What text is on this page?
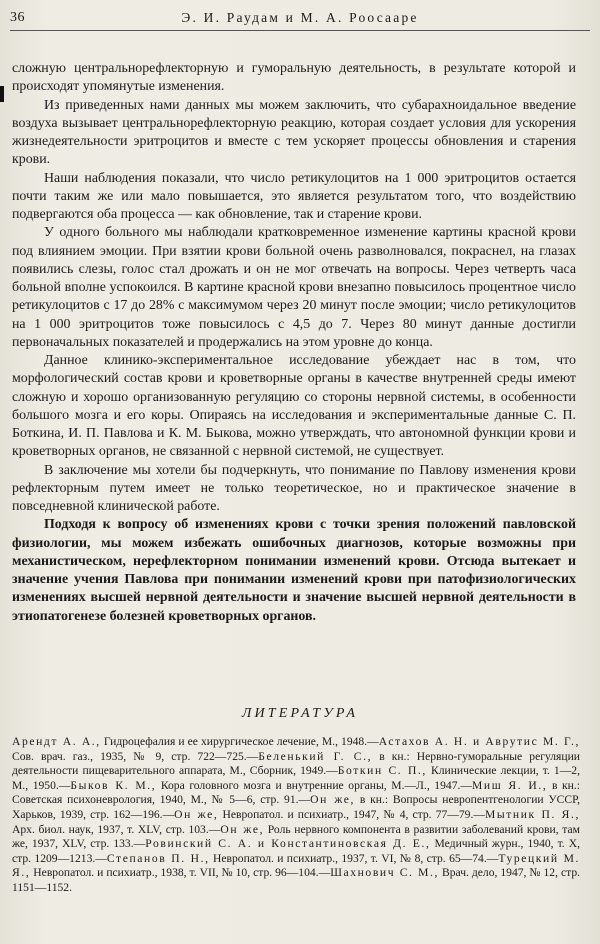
36	Э. И. Раудам и М. А. Роосааре

сложную центральнорефлекторную и гуморальную деятельность, в результате которой и происходят упомянутые изменения.

Из приведенных нами данных мы можем заключить, что субарахноидальное введение воздуха вызывает центральнорефлекторную реакцию, которая создает условия для ускорения жизнедеятельности эритроцитов и вместе с тем ускоряет процессы обновления и старения крови.

Наши наблюдения показали, что число ретикулоцитов на 1 000 эритроцитов остается почти таким же или мало повышается, это является результатом того, что воздействию подвергаются оба процесса — как обновление, так и старение крови.

У одного больного мы наблюдали кратковременное изменение картины красной крови под влиянием эмоции. При взятии крови больной очень разволновался, покраснел, на глазах появились слезы, голос стал дрожать и он не мог отвечать на вопросы. Через четверть часа больной вполне успокоился. В картине красной крови внезапно повысилось процентное число ретикулоцитов с 17 до 28% с максимумом через 20 минут после эмоции; число ретикулоцитов на 1 000 эритроцитов тоже повысилось с 4,5 до 7. Через 80 минут данные достигли первоначальных показателей и продержались на этом уровне до конца.

Данное клинико-экспериментальное исследование убеждает нас в том, что морфологический состав крови и кроветворные органы в качестве внутренней среды имеют сложную и хорошо организованную регуляцию со стороны нервной системы, в особенности большого мозга и его коры. Опираясь на исследования и экспериментальные данные С. П. Боткина, И. П. Павлова и К. М. Быкова, можно утверждать, что автономной функции крови и кроветворных органов, не связанной с нервной системой, не существует.

В заключение мы хотели бы подчеркнуть, что понимание по Павлову изменения крови рефлекторным путем имеет не только теоретическое, но и практическое значение в повседневной клинической работе.

Подходя к вопросу об изменениях крови с точки зрения положений павловской физиологии, мы можем избежать ошибочных диагнозов, которые возможны при механистическом, нерефлекторном понимании изменений крови. Отсюда вытекает и значение учения Павлова при понимании изменений крови при патофизиологических изменениях высшей нервной деятельности и значение высшей нервной деятельности в этиопатогенезе болезней кроветворных органов.

ЛИТЕРАТУРА
Арендт А. А., Гидроцефалия и ее хирургическое лечение, М., 1948.—Астахов А. Н. и Аврутис М. Г., Сов. врач. газ., 1935, № 9, стр. 722—725.—Беленький Г. С., в кн.: Нервно-гуморальные регуляции деятельности пищеварительного аппарата, М., Сборник, 1949.—Боткин С. П., Клинические лекции, т. 1—2, М., 1950.—Быков К. М., Кора головного мозга и внутренние органы, М.—Л., 1947.—Миш Я. И., в кн.: Советская психоневрология, 1940, М., № 5—6, стр. 91.—Он же, в кн.: Вопросы невропентгенологии УССР, Харьков, 1939, стр. 162—196.—Он же, Невропатол. и психиатр., 1947, № 4, стр. 77—79.—Мытник П. Я., Арх. биол. наук, 1937, т. XLV, стр. 103.—Он же, Роль нервного компонента в развитии заболеваний крови, там же, 1937, XLV, стр. 133.—Ровинский С. А. и Константиновская Д. Е., Медичный журн., 1940, т. X, стр. 1209—1213.—Степанов П. Н., Невропатол. и психиатр., 1937, т. VI, № 8, стр. 65—74.—Турецкий М. Я., Невропатол. и психиатр., 1938, т. VII, № 10, стр. 96—104.—Шахнович С. М., Врач. дело, 1947, № 12, стр. 1151—1152.
